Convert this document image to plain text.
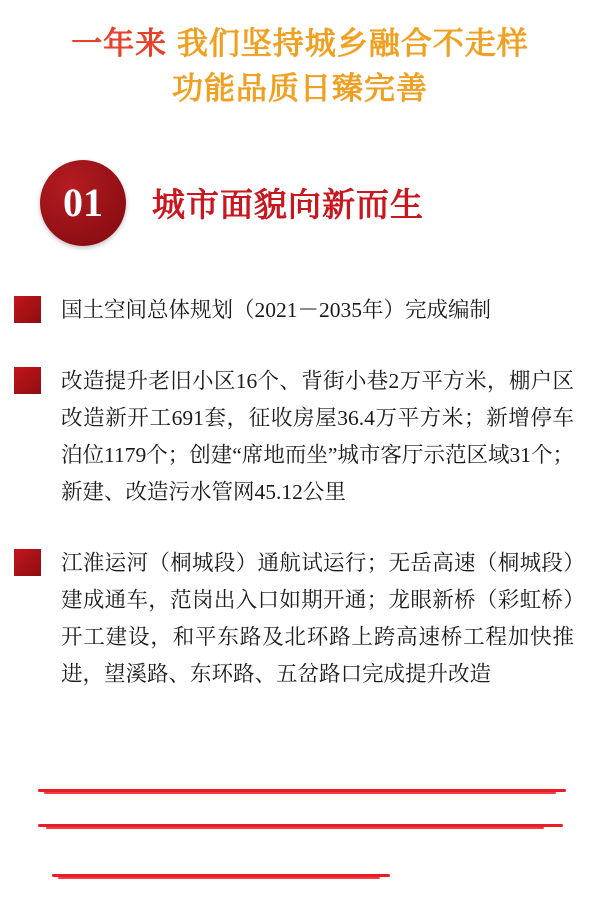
一年来 我们坚持城乡融合不走样
功能品质日臻完善
01	城市面貌向新而生
国土空间总体规划（2021－2035年）完成编制
改造提升老旧小区16个、背街小巷2万平方米，棚户区改造新开工691套，征收房屋36.4万平方米；新增停车泊位1179个；创建“席地而坐”城市客厅示范区域31个；新建、改造污水管网45.12公里
江淮运河（桐城段）通航试运行；无岳高速（桐城段）建成通车，范岗出入口如期开通；龙眼新桥（彩虹桥）开工建设，和平东路及北环路上跨高速桥工程加快推进，望溪路、东环路、五岔路口完成提升改造
